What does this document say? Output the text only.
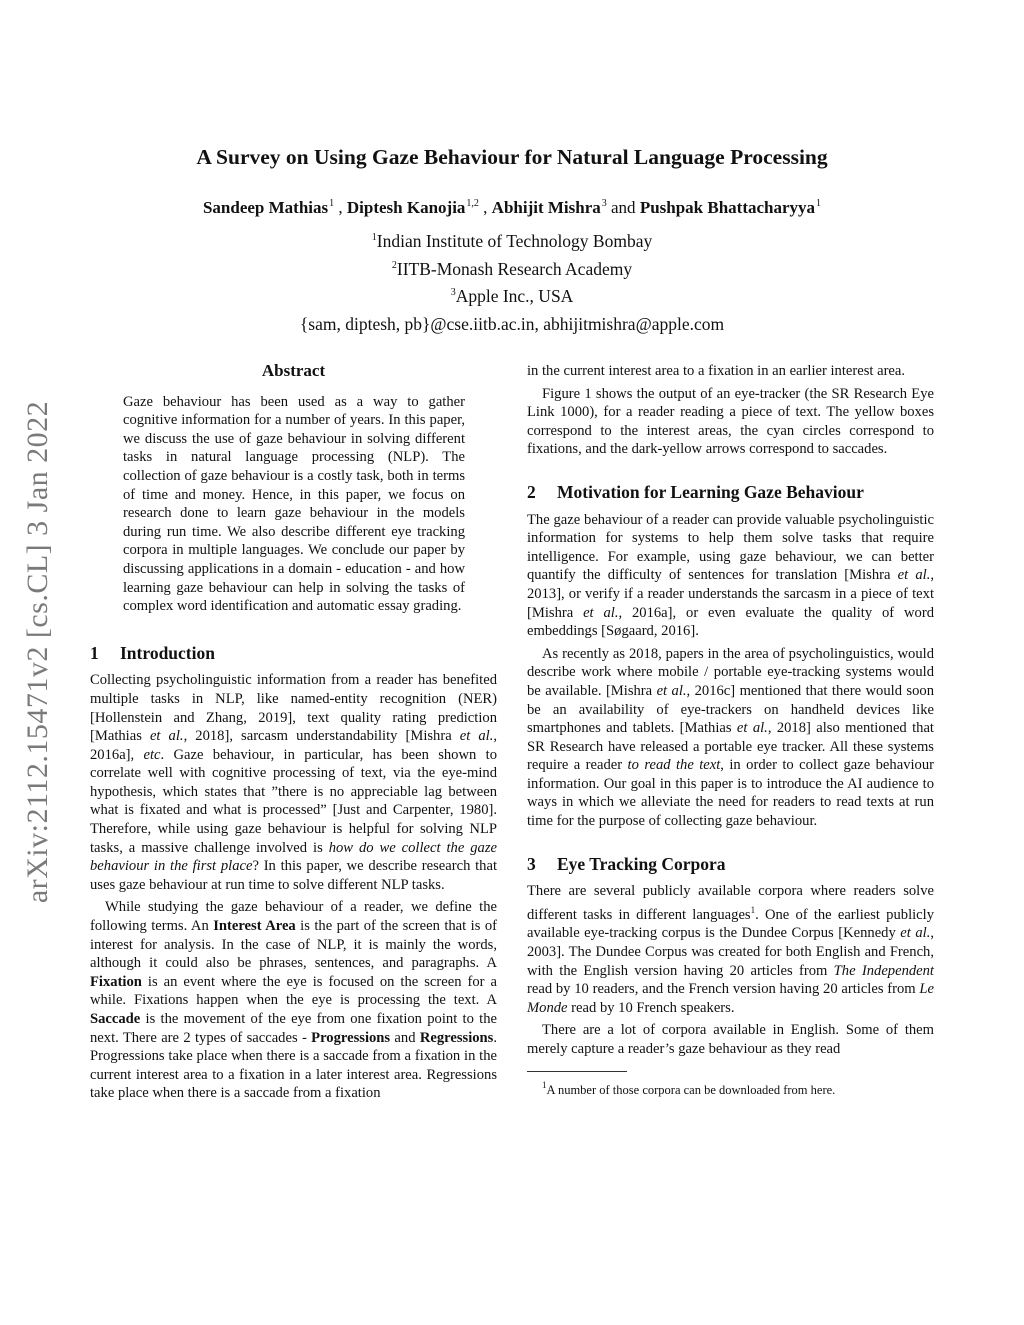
arXiv:2112.15471v2 [cs.CL] 3 Jan 2022
A Survey on Using Gaze Behaviour for Natural Language Processing
Sandeep Mathias$^1$ , Diptesh Kanojia$^{1,2}$ , Abhijit Mishra$^3$ and Pushpak Bhattacharyya$^1$
$^1$Indian Institute of Technology Bombay
$^2$IITB-Monash Research Academy
$^3$Apple Inc., USA
{sam, diptesh, pb}@cse.iitb.ac.in, abhijitmishra@apple.com
Abstract

Gaze behaviour has been used as a way to gather cognitive information for a number of years. In this paper, we discuss the use of gaze behaviour in solving different tasks in natural language processing (NLP). The collection of gaze behaviour is a costly task, both in terms of time and money. Hence, in this paper, we focus on research done to learn gaze behaviour in the models during run time. We also describe different eye tracking corpora in multiple languages. We conclude our paper by discussing applications in a domain - education - and how learning gaze behaviour can help in solving the tasks of complex word identification and automatic essay grading.

1 Introduction

Collecting psycholinguistic information from a reader has benefited multiple tasks in NLP, like named-entity recognition (NER) [Hollenstein and Zhang, 2019], text quality rating prediction [Mathias et al., 2018], sarcasm understandability [Mishra et al., 2016a], etc. Gaze behaviour, in particular, has been shown to correlate well with cognitive processing of text, via the eye-mind hypothesis, which states that ”there is no appreciable lag between what is fixated and what is processed” [Just and Carpenter, 1980]. Therefore, while using gaze behaviour is helpful for solving NLP tasks, a massive challenge involved is how do we collect the gaze behaviour in the first place? In this paper, we describe research that uses gaze behaviour at run time to solve different NLP tasks.

While studying the gaze behaviour of a reader, we define the following terms. An Interest Area is the part of the screen that is of interest for analysis. In the case of NLP, it is mainly the words, although it could also be phrases, sentences, and paragraphs. A Fixation is an event where the eye is focused on the screen for a while. Fixations happen when the eye is processing the text. A Saccade is the movement of the eye from one fixation point to the next. There are 2 types of saccades - Progressions and Regressions. Progressions take place when there is a saccade from a fixation in the current interest area to a fixation in a later interest area. Regressions take place when there is a saccade from a fixation

in the current interest area to a fixation in an earlier interest area.

Figure 1 shows the output of an eye-tracker (the SR Research Eye Link 1000), for a reader reading a piece of text. The yellow boxes correspond to the interest areas, the cyan circles correspond to fixations, and the dark-yellow arrows correspond to saccades.

2 Motivation for Learning Gaze Behaviour

The gaze behaviour of a reader can provide valuable psycholinguistic information for systems to help them solve tasks that require intelligence. For example, using gaze behaviour, we can better quantify the difficulty of sentences for translation [Mishra et al., 2013], or verify if a reader understands the sarcasm in a piece of text [Mishra et al., 2016a], or even evaluate the quality of word embeddings [Søgaard, 2016].

As recently as 2018, papers in the area of psycholinguistics, would describe work where mobile / portable eye-tracking systems would be available. [Mishra et al., 2016c] mentioned that there would soon be an availability of eye-trackers on handheld devices like smartphones and tablets. [Mathias et al., 2018] also mentioned that SR Research have released a portable eye tracker. All these systems require a reader to read the text, in order to collect gaze behaviour information. Our goal in this paper is to introduce the AI audience to ways in which we alleviate the need for readers to read texts at run time for the purpose of collecting gaze behaviour.

3 Eye Tracking Corpora

There are several publicly available corpora where readers solve different tasks in different languages$^1$. One of the earliest publicly available eye-tracking corpus is the Dundee Corpus [Kennedy et al., 2003]. The Dundee Corpus was created for both English and French, with the English version having 20 articles from The Independent read by 10 readers, and the French version having 20 articles from Le Monde read by 10 French speakers.

There are a lot of corpora available in English. Some of them merely capture a reader’s gaze behaviour as they read

$^1$A number of those corpora can be downloaded from here.
